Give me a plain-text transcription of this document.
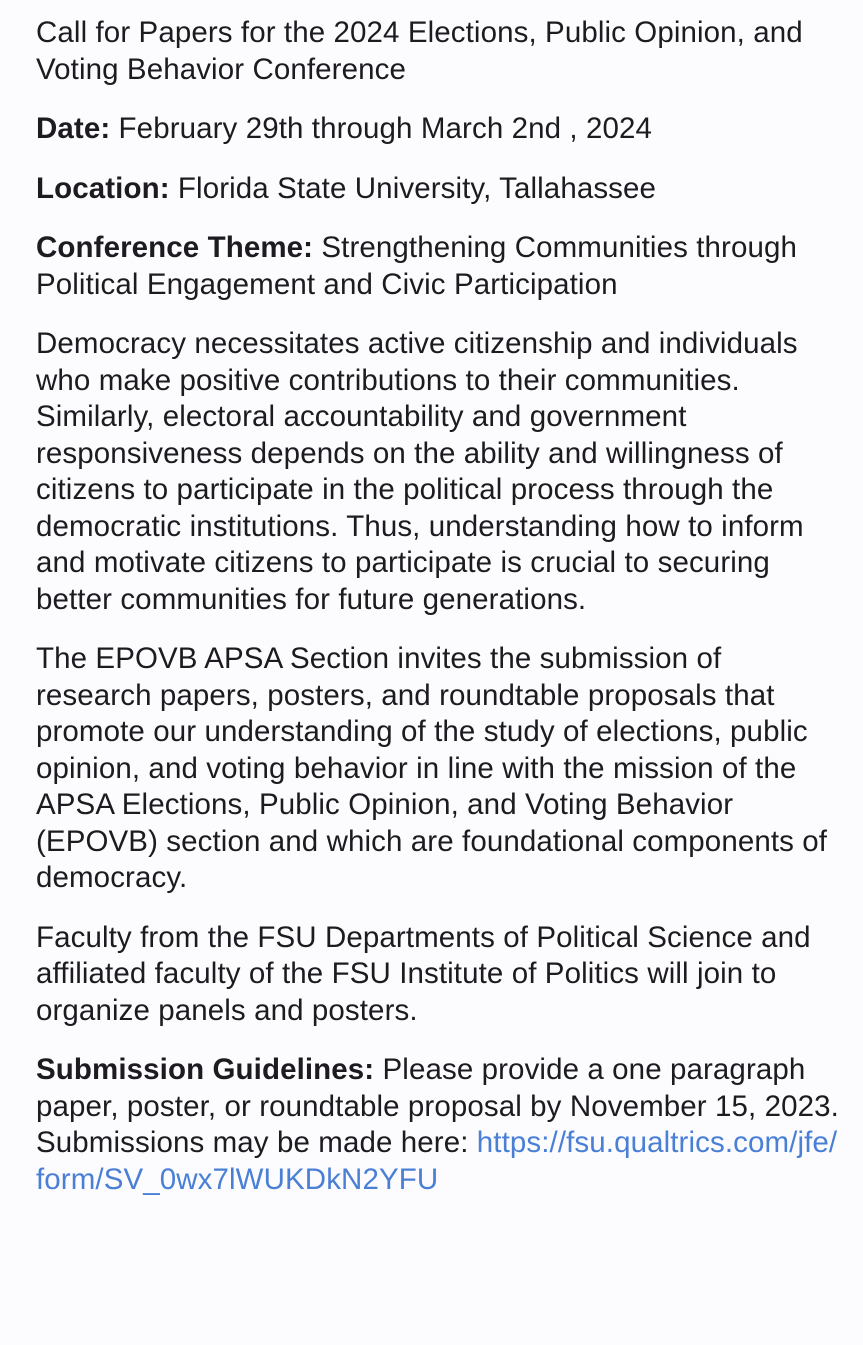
Call for Papers for the 2024 Elections, Public Opinion, and Voting Behavior Conference

Date: February 29th through March 2nd , 2024

Location: Florida State University, Tallahassee

Conference Theme: Strengthening Communities through Political Engagement and Civic Participation

Democracy necessitates active citizenship and individuals who make positive contributions to their communities. Similarly, electoral accountability and government responsiveness depends on the ability and willingness of citizens to participate in the political process through the democratic institutions. Thus, understanding how to inform and motivate citizens to participate is crucial to securing better communities for future generations.

The EPOVB APSA Section invites the submission of research papers, posters, and roundtable proposals that promote our understanding of the study of elections, public opinion, and voting behavior in line with the mission of the APSA Elections, Public Opinion, and Voting Behavior (EPOVB) section and which are foundational components of democracy.

Faculty from the FSU Departments of Political Science and affiliated faculty of the FSU Institute of Politics will join to organize panels and posters.

Submission Guidelines: Please provide a one paragraph paper, poster, or roundtable proposal by November 15, 2023. Submissions may be made here: https://fsu.qualtrics.com/jfe/form/SV_0wx7lWUKDkN2YFU
